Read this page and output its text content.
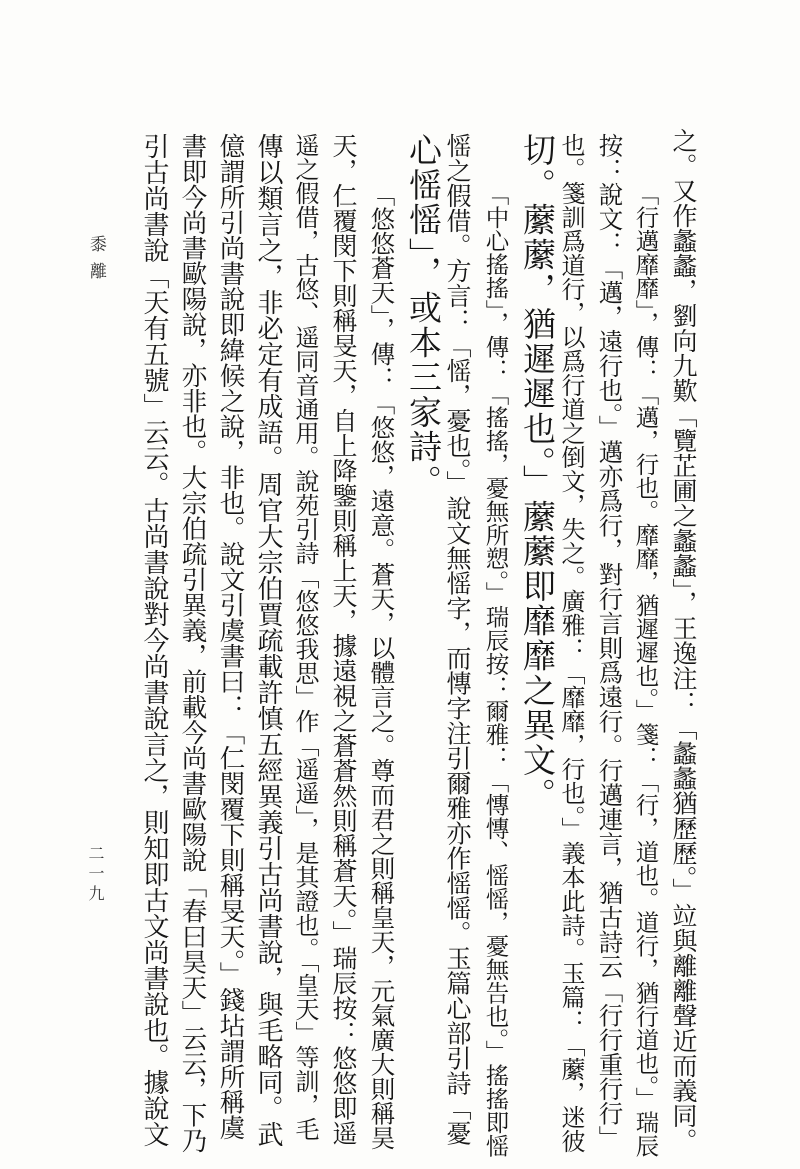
黍離
二一九	之。又作蠡蠡，劉向九歎「覽芷圃之蠡蠡」，王逸注：「蠡蠡猶歷歷。」竝與離離聲近而義同。
「行邁靡靡」，傳：「邁，行也。靡靡，猶遲遲也。」箋：「行，道也。道行，猶行道也。」瑞辰
按：說文：「邁，遠行也。」邁亦爲行，對行言則爲遠行。行邁連言，猶古詩云「行行重行行」
也。箋訓爲道行，以爲行道之倒文，失之。廣雅：「靡靡，行也。」義本此詩。玉篇：「䕷，迷彼
切。䕷䕷，猶遲遲也。」䕷䕷即靡靡之異文。
「中心搖搖」，傳：「搖搖，憂無所愬。」瑞辰按：爾雅：「慱慱、愮愮，憂無告也。」搖搖即愮
愮之假借。方言：「愮，憂也。」說文無愮字，而慱字注引爾雅亦作愮愮。玉篇心部引詩「憂
心愮愮」，或本三家詩。
「悠悠蒼天」，傳：「悠悠，遠意。蒼天，以體言之。尊而君之則稱皇天，元氣廣大則稱昊
天，仁覆閔下則稱旻天，自上降鑒則稱上天，據遠視之蒼蒼然則稱蒼天。」瑞辰按：悠悠即遥
遥之假借，古悠、遥同音通用。說苑引詩「悠悠我思」作「遥遥」，是其證也。「皇天」等訓，毛
傳以類言之，非必定有成語。周官大宗伯賈疏載許慎五經異義引古尚書說，與毛略同。武
億謂所引尚書說即緯候之說，非也。說文引虞書曰：「仁閔覆下則稱旻天。」錢坫謂所稱虞
書即今尚書歐陽說，亦非也。大宗伯疏引異義，前載今尚書歐陽說「春曰昊天」云云，下乃
引古尚書說「天有五號」云云。古尚書說對今尚書說言之，則知即古文尚書說也。據說文
